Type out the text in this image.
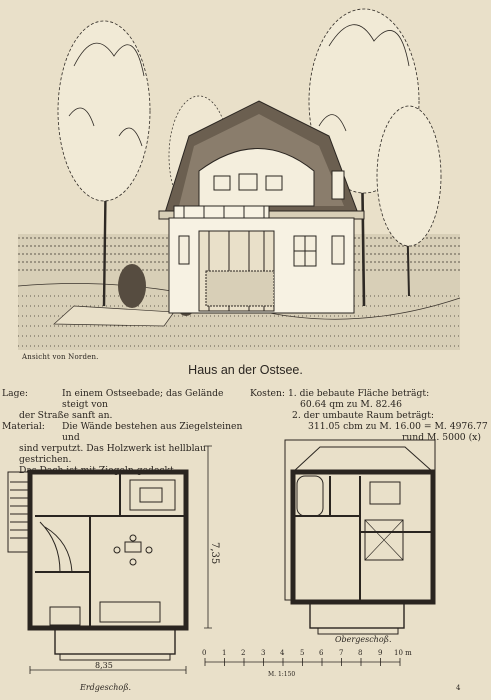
Ansicht von Norden.
Haus an der Ostsee.
Lage:	In einem Ostseebade; das Gelände steigt von
der Straße sanft an.
Material: Die Wände bestehen aus Ziegelsteinen und
sind verputzt. Das Holzwerk ist hellblau gestrichen.
Das Dach ist mit Ziegeln gedeckt.
Kosten: 1. die bebaute Fläche beträgt:
60.64 qm zu M. 82.46
2. der umbaute Raum beträgt:
311.05 cbm zu M. 16.00 = M. 4976.77
rund M. 5000 (x)
8,35
7,35
Erdgeschoß.
Obergeschoß.
0 1 2 3 4 5 6 7 8 9 10 m
M. 1:150
4
